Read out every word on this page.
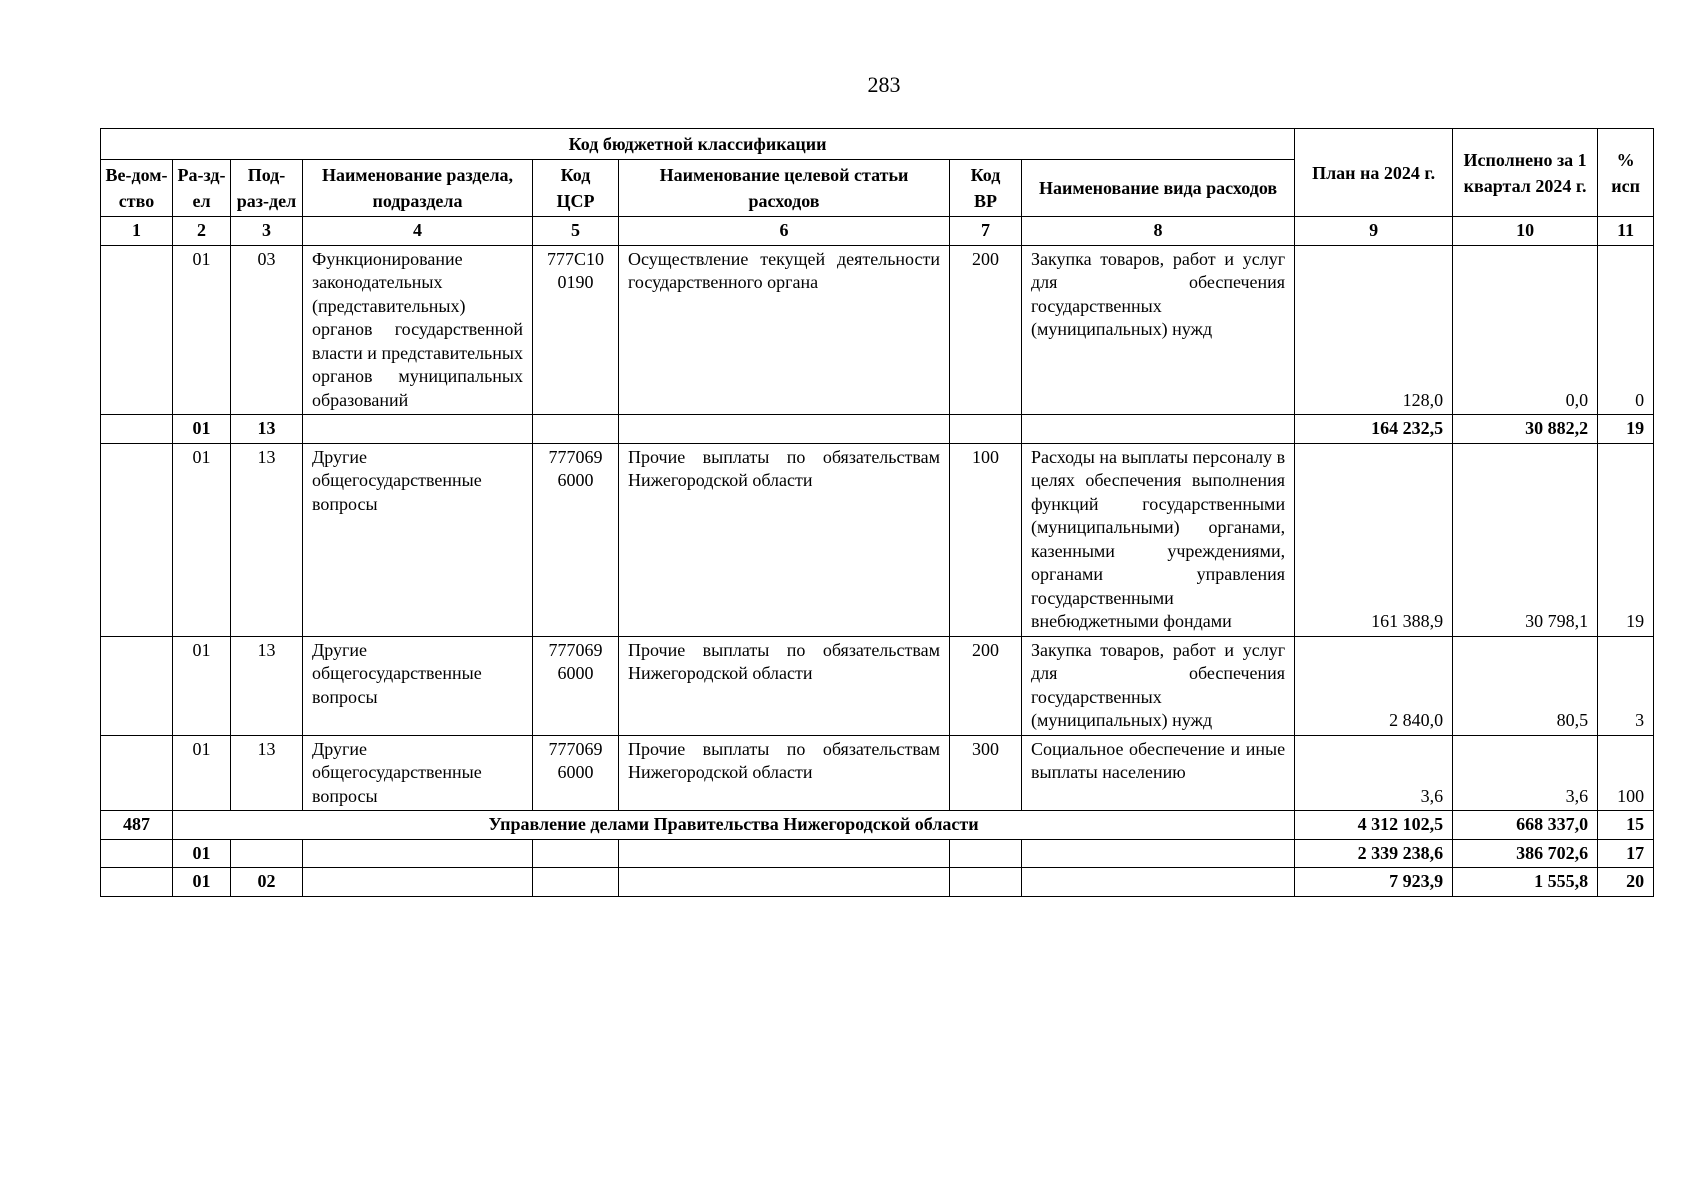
283
Код бюджетной классификации								План на 2024 г.	Исполнено за 1 квартал 2024 г.	% исп
Ве-дом-ство	Ра-зд-ел	Под-раз-дел	Наименование раздела, подраздела	Код ЦСР	Наименование целевой статьи расходов	Код ВР	Наименование вида расходов			
1	2	3	4	5	6	7	8	9	10	11
	01	03	Функционирование законодательных (представительных) органов государственной власти и представительных органов муниципальных образований	777С10 0190	Осуществление текущей деятельности государственного органа	200	Закупка товаров, работ и услуг для обеспечения государственных (муниципальных) нужд	128,0	0,0	0
	01	13						164 232,5	30 882,2	19
	01	13	Другие общегосударственные вопросы	777069 6000	Прочие выплаты по обязательствам Нижегородской области	100	Расходы на выплаты персоналу в целях обеспечения выполнения функций государственными (муниципальными) органами, казенными учреждениями, органами управления государственными внебюджетными фондами	161 388,9	30 798,1	19
	01	13	Другие общегосударственные вопросы	777069 6000	Прочие выплаты по обязательствам Нижегородской области	200	Закупка товаров, работ и услуг для обеспечения государственных (муниципальных) нужд	2 840,0	80,5	3
	01	13	Другие общегосударственные вопросы	777069 6000	Прочие выплаты по обязательствам Нижегородской области	300	Социальное обеспечение и иные выплаты населению	3,6	3,6	100
487	Управление делами Правительства Нижегородской области							4 312 102,5	668 337,0	15
	01							2 339 238,6	386 702,6	17
	01	02						7 923,9	1 555,8	20
